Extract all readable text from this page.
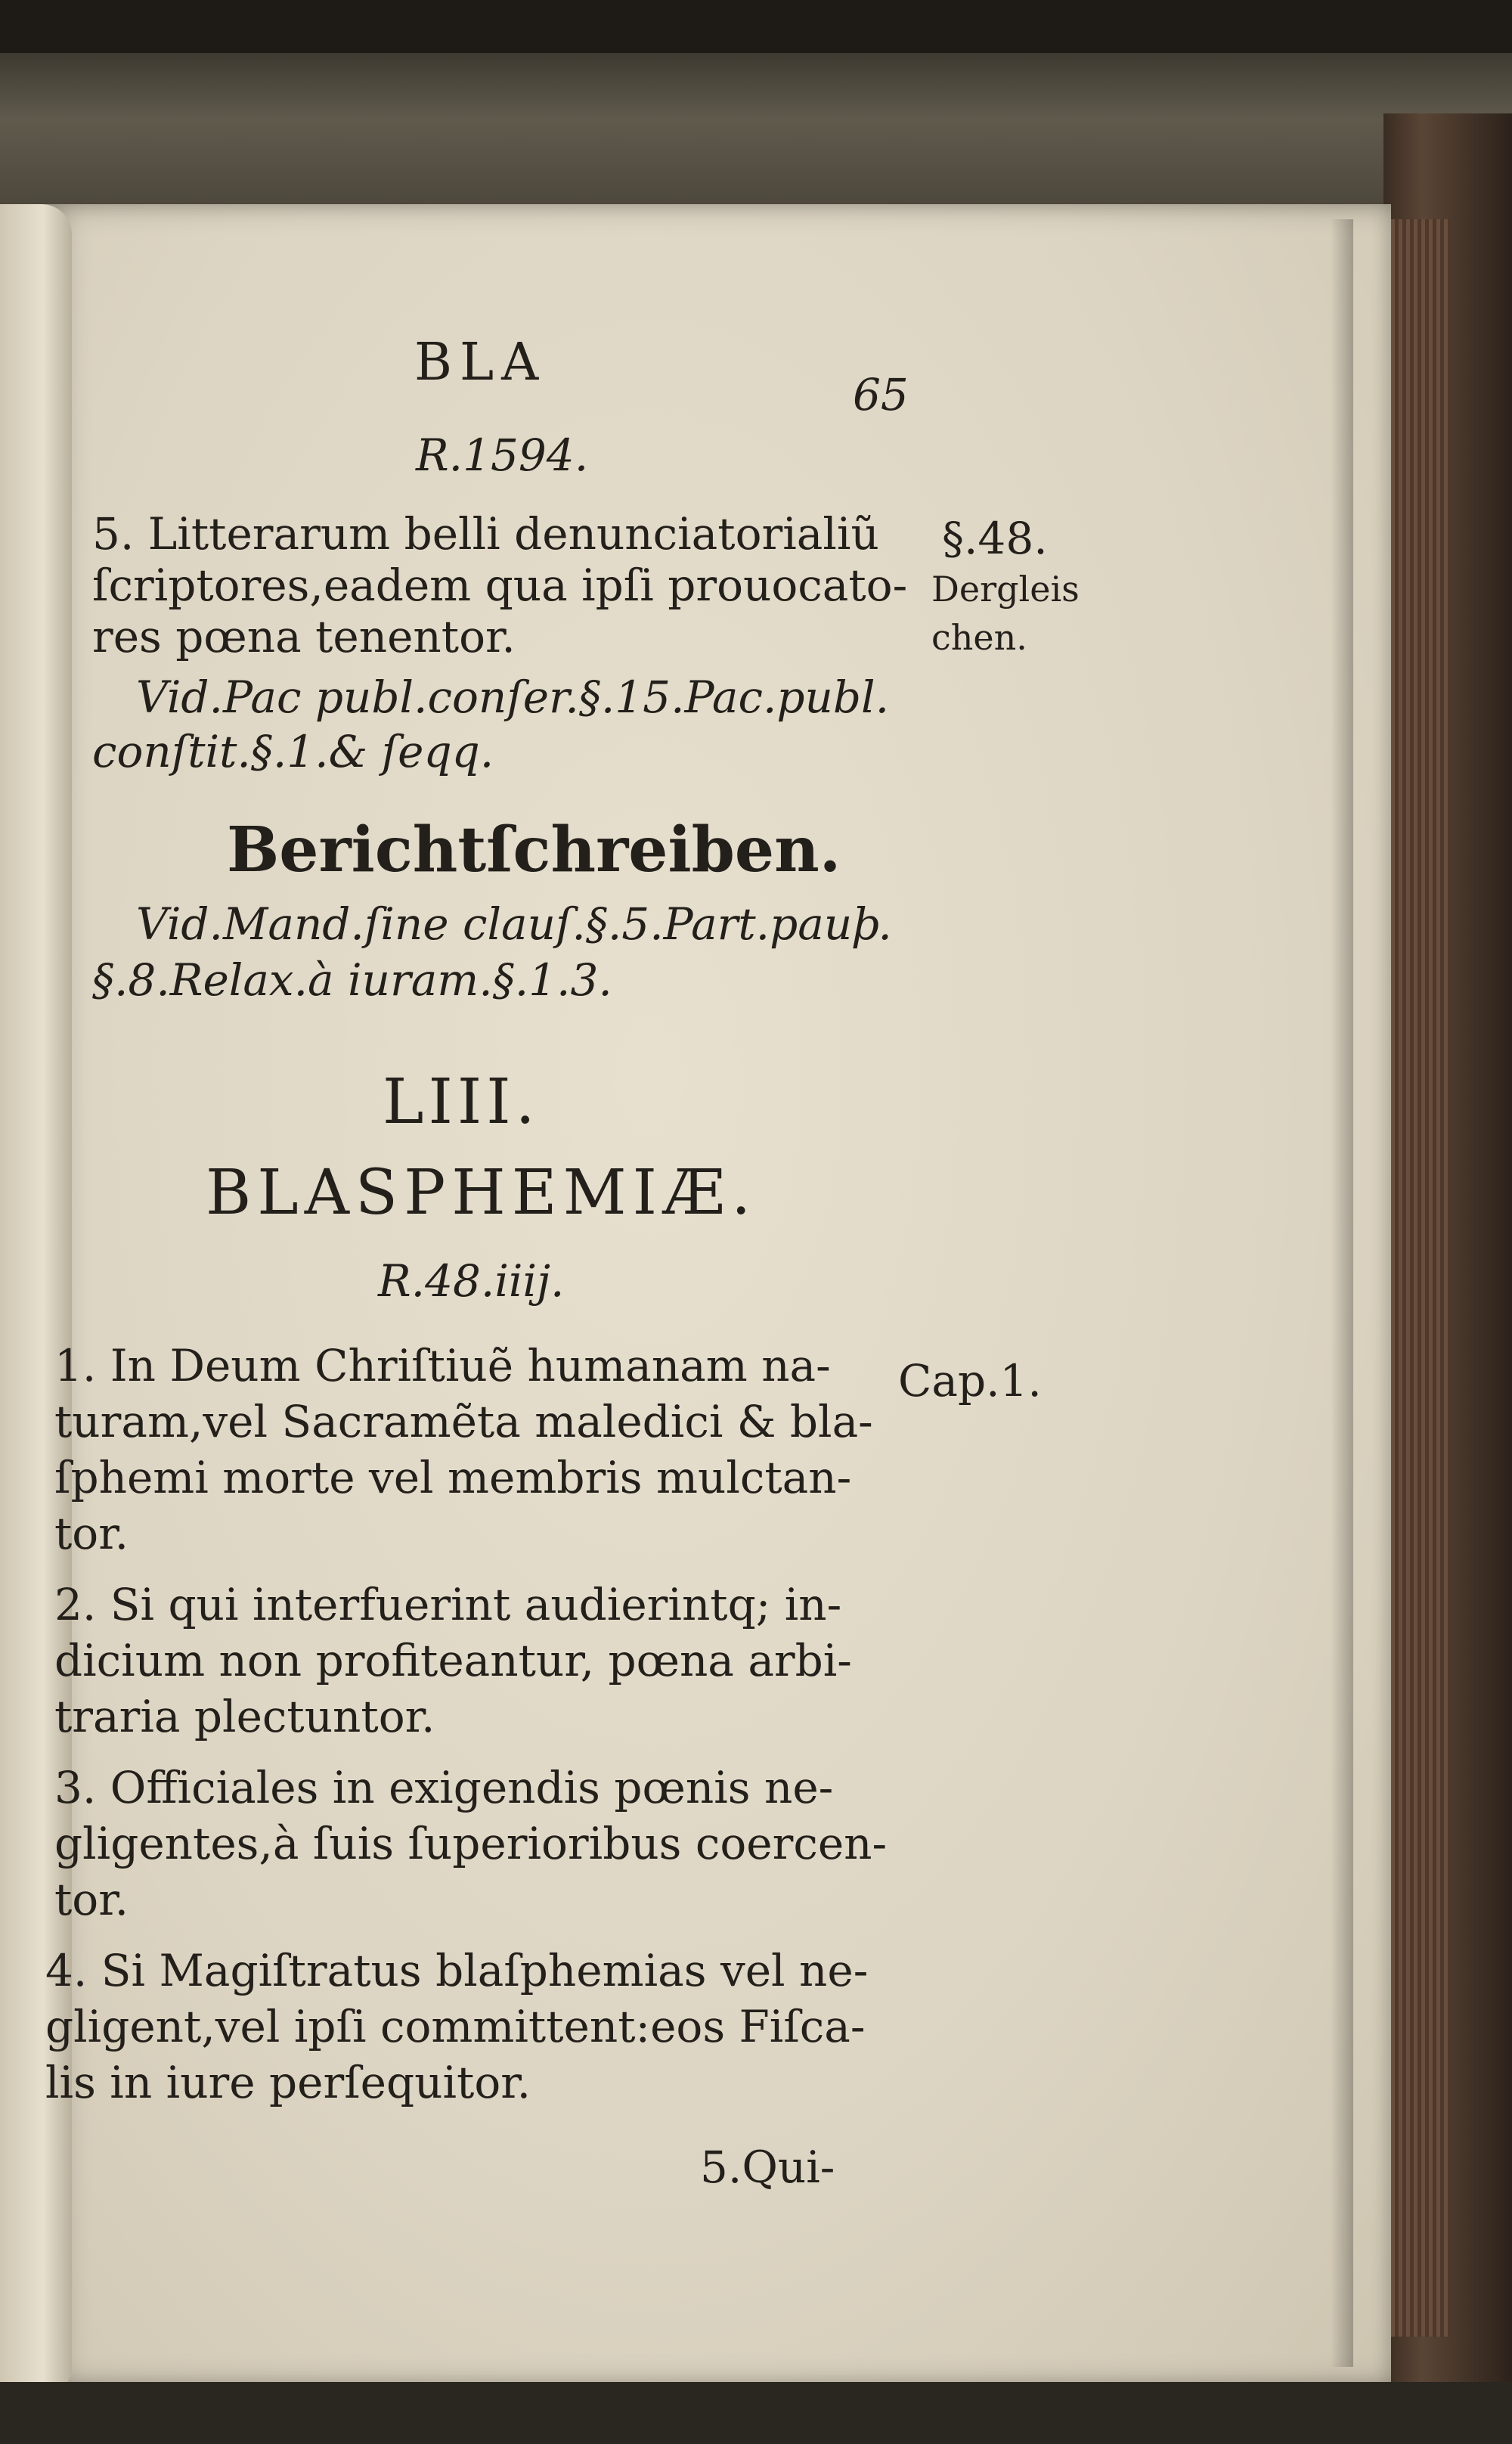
BLA
65
R.1594.
5. Litterarum belli denunciatorialiũ
ſcriptores,eadem qua ipſi prouocato-
res pœna tenentor.
Vid.Pac publ.conſer.§.15.Pac.publ.
conſtit.§.1.& ſeqq.
Berichtſchreiben.
Vid.Mand.ſine clauſ.§.5.Part.pauþ.
§.8.Relax.à iuram.§.1.3.
LIII.
BLASPHEMIÆ.
R.48.iiij.
1. In Deum Chriſtiuẽ humanam na-
turam,vel Sacramẽta maledici & bla-
ſphemi morte vel membris mulctan-
tor.
2. Si qui interfuerint audierintq; in-
dicium non profiteantur, pœna arbi-
traria plectuntor.
3. Officiales in exigendis pœnis ne-
gligentes,à ſuis ſuperioribus coercen-
tor.
4. Si Magiſtratus blaſphemias vel ne-
gligent,vel ipſi committent:eos Fiſca-
lis in iure perſequitor.
5.Qui-
§.48.
Dergleis
chen.
Cap.1.
